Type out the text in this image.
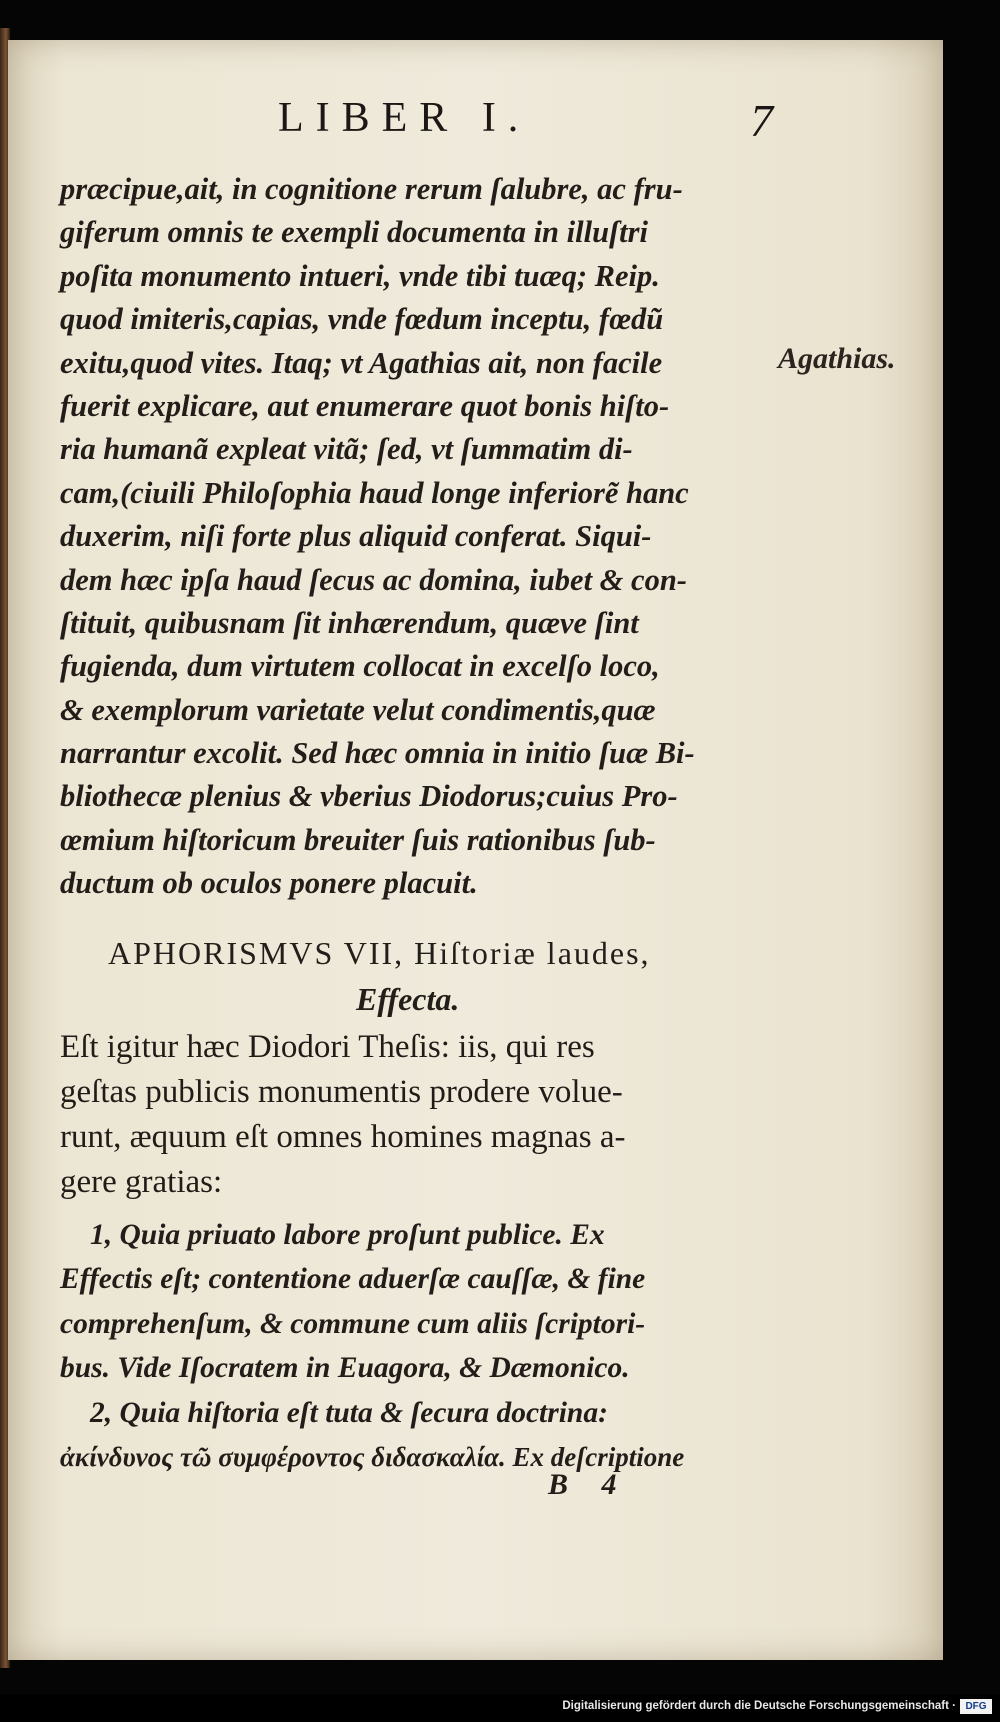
LIBER I.	7
præcipue,ait, in cognitione rerum ſalubre, ac fru-
giferum omnis te exempli documenta in illuſtri
poſita monumento intueri, vnde tibi tuæq; Reip.
quod imiteris,capias, vnde fœdum inceptu, fœdũ
exitu,quod vites. Itaq; vt Agathias ait, non facile
fuerit explicare, aut enumerare quot bonis hiſto-
ria humanã expleat vitã; ſed, vt ſummatim di-
cam,(ciuili Philoſophia haud longe inferiorẽ hanc
duxerim, niſi forte plus aliquid conferat. Siqui-
dem hæc ipſa haud ſecus ac domina, iubet & con-
ſtituit, quibusnam ſit inhærendum, quæve ſint
fugienda, dum virtutem collocat in excelſo loco,
& exemplorum varietate velut condimentis,quæ
narrantur excolit. Sed hæc omnia in initio ſuæ Bi-
bliothecæ plenius & vberius Diodorus;cuius Pro-
œmium hiſtoricum breuiter ſuis rationibus ſub-
ductum ob oculos ponere placuit.
Agathias.
APHORISMVS VII, Hiſtoriæ laudes,
Effecta.
Eſt igitur hæc Diodori Theſis: iis, qui res
geſtas publicis monumentis prodere volue-
runt, æquum eſt omnes homines magnas a-
gere gratias:
1, Quia priuato labore proſunt publice. Ex
Effectis eſt; contentione aduerſæ cauſſæ, & fine
comprehenſum, & commune cum aliis ſcriptori-
bus. Vide Iſocratem in Euagora, & Dæmonico.
2, Quia hiſtoria eſt tuta & ſecura doctrina:
ἀκίνδυνος τῶ συμφέροντος διδασκαλία. Ex deſcriptione
B 4
Digitalisierung gefördert durch die Deutsche Forschungsgemeinschaft · DFG
